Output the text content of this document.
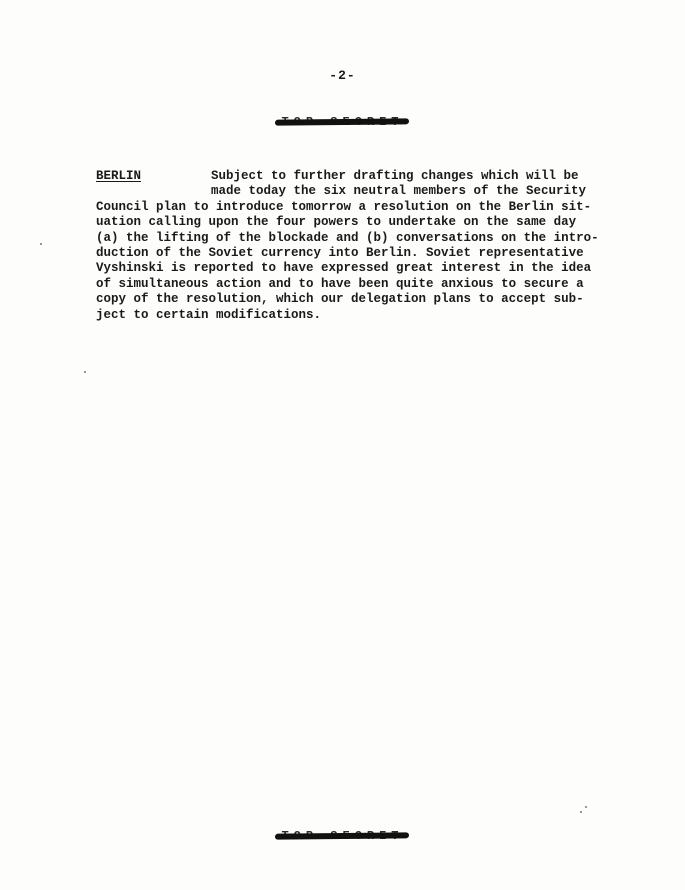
-2-
Subject to further drafting changes which will be
made today the six neutral members of the Security
Council plan to introduce tomorrow a resolution on the Berlin sit-
uation calling upon the four powers to undertake on the same day
(a) the lifting of the blockade and (b) conversations on the intro-
duction of the Soviet currency into Berlin. Soviet representative
Vyshinski is reported to have expressed great interest in the idea
of simultaneous action and to have been quite anxious to secure a
copy of the resolution, which our delegation plans to accept sub-
ject to certain modifications.
BERLIN
